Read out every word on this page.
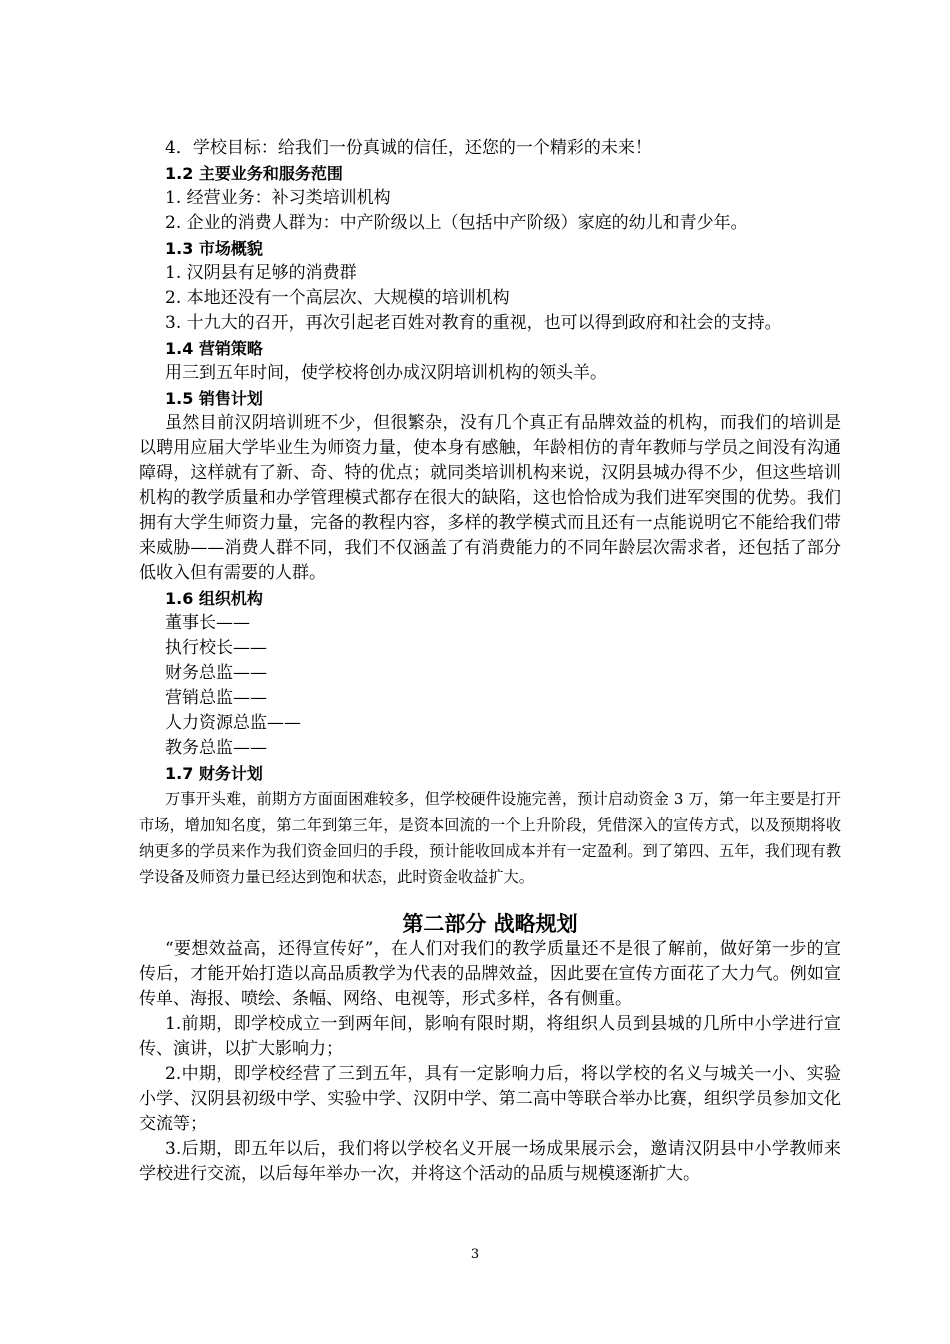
4．学校目标：给我们一份真诚的信任，还您的一个精彩的未来！

1.2 主要业务和服务范围

1. 经营业务：补习类培训机构

2. 企业的消费人群为：中产阶级以上（包括中产阶级）家庭的幼儿和青少年。

1.3 市场概貌

1. 汉阴县有足够的消费群

2. 本地还没有一个高层次、大规模的培训机构

3. 十九大的召开，再次引起老百姓对教育的重视，也可以得到政府和社会的支持。

1.4 营销策略

用三到五年时间，使学校将创办成汉阴培训机构的领头羊。

1.5 销售计划

虽然目前汉阴培训班不少，但很繁杂，没有几个真正有品牌效益的机构，而我们的培训是以聘用应届大学毕业生为师资力量，使本身有感触，年龄相仿的青年教师与学员之间没有沟通障碍，这样就有了新、奇、特的优点；就同类培训机构来说，汉阴县城办得不少，但这些培训机构的教学质量和办学管理模式都存在很大的缺陷，这也恰恰成为我们进军突围的优势。我们拥有大学生师资力量，完备的教程内容，多样的教学模式而且还有一点能说明它不能给我们带来威胁——消费人群不同，我们不仅涵盖了有消费能力的不同年龄层次需求者，还包括了部分低收入但有需要的人群。

1.6 组织机构

董事长——

执行校长——

财务总监——

营销总监——

人力资源总监——

教务总监——

1.7 财务计划

万事开头难，前期方方面面困难较多，但学校硬件设施完善，预计启动资金 3 万，第一年主要是打开市场，增加知名度，第二年到第三年，是资本回流的一个上升阶段，凭借深入的宣传方式，以及预期将收纳更多的学员来作为我们资金回归的手段，预计能收回成本并有一定盈利。到了第四、五年，我们现有教学设备及师资力量已经达到饱和状态，此时资金收益扩大。

第二部分 战略规划

“要想效益高，还得宣传好”，在人们对我们的教学质量还不是很了解前，做好第一步的宣传后，才能开始打造以高品质教学为代表的品牌效益，因此要在宣传方面花了大力气。例如宣传单、海报、喷绘、条幅、网络、电视等，形式多样，各有侧重。

1.前期，即学校成立一到两年间，影响有限时期，将组织人员到县城的几所中小学进行宣传、演讲，以扩大影响力；

2.中期，即学校经营了三到五年，具有一定影响力后，将以学校的名义与城关一小、实验小学、汉阴县初级中学、实验中学、汉阴中学、第二高中等联合举办比赛，组织学员参加文化交流等；

3.后期，即五年以后，我们将以学校名义开展一场成果展示会，邀请汉阴县中小学教师来学校进行交流，以后每年举办一次，并将这个活动的品质与规模逐渐扩大。

3
